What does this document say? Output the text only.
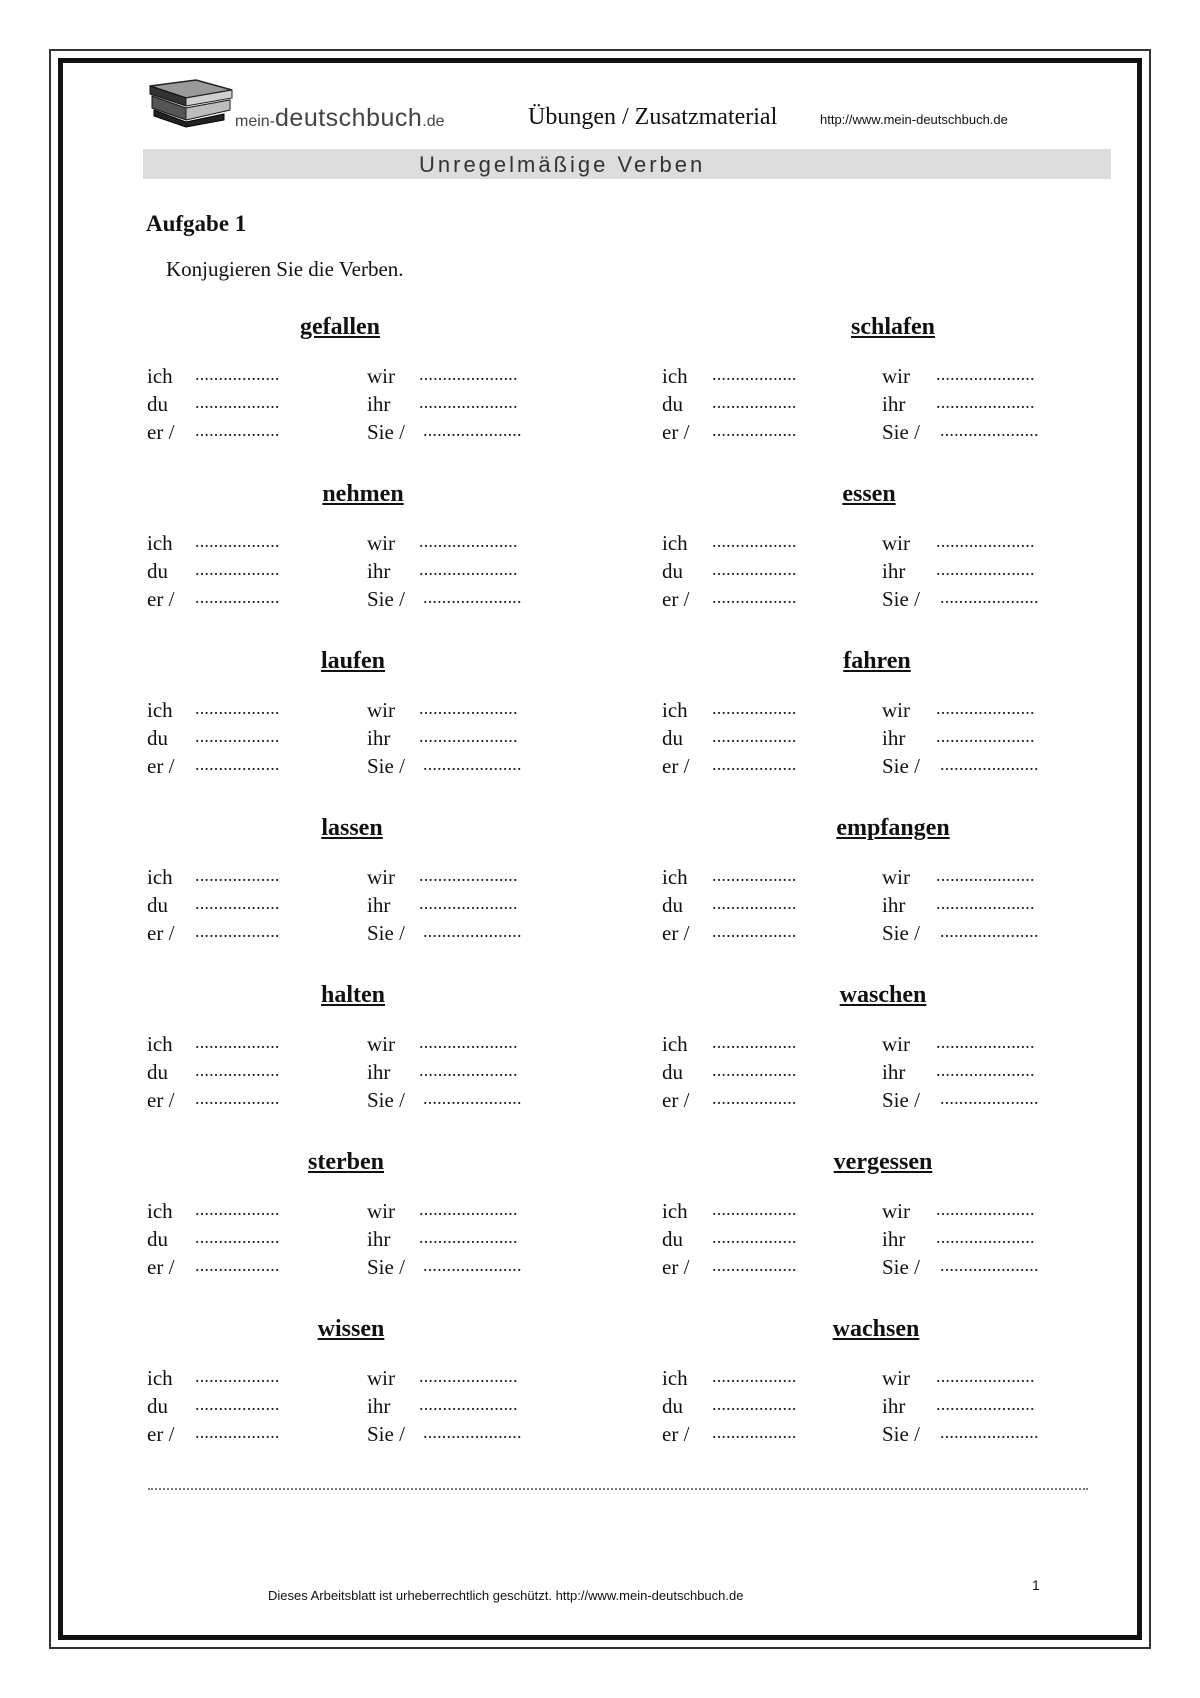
mein-deutschbuch.de	Übungen / Zusatzmaterial	http://www.mein-deutschbuch.de
Unregelmäßige Verben
Aufgabe 1
Konjugieren Sie die Verben.
gefallen
ich ..................	wir .....................
du ..................	ihr .....................
er / ..................	Sie / .....................
nehmen
ich ..................	wir .....................
du ..................	ihr .....................
er / ..................	Sie / .....................
laufen
ich ..................	wir .....................
du ..................	ihr .....................
er / ..................	Sie / .....................
lassen
ich ..................	wir .....................
du ..................	ihr .....................
er / ..................	Sie / .....................
halten
ich ..................	wir .....................
du ..................	ihr .....................
er / ..................	Sie / .....................
sterben
ich ..................	wir .....................
du ..................	ihr .....................
er / ..................	Sie / .....................
wissen
ich ..................	wir .....................
du ..................	ihr .....................
er / ..................	Sie / .....................
schlafen
ich ..................	wir .....................
du ..................	ihr .....................
er / ..................	Sie / .....................
essen
ich ..................	wir .....................
du ..................	ihr .....................
er / ..................	Sie / .....................
fahren
ich ..................	wir .....................
du ..................	ihr .....................
er / ..................	Sie / .....................
empfangen
ich ..................	wir .....................
du ..................	ihr .....................
er / ..................	Sie / .....................
waschen
ich ..................	wir .....................
du ..................	ihr .....................
er / ..................	Sie / .....................
vergessen
ich ..................	wir .....................
du ..................	ihr .....................
er / ..................	Sie / .....................
wachsen
ich ..................	wir .....................
du ..................	ihr .....................
er / ..................	Sie / .....................
Dieses Arbeitsblatt ist urheberrechtlich geschützt. http://www.mein-deutschbuch.de
1
